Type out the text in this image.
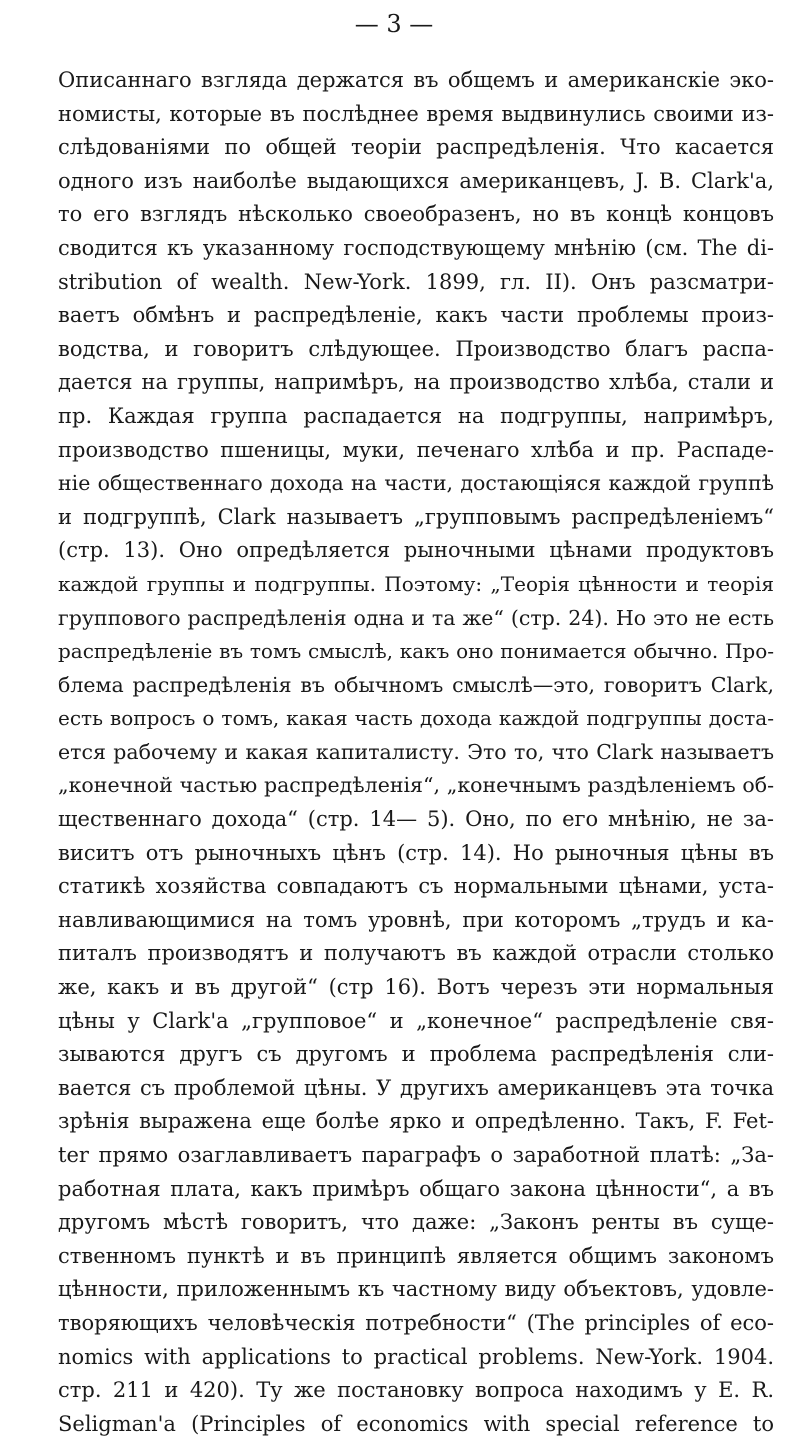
— 3 —
Описаннаго взгляда держатся въ общемъ и американскіе эко-
номисты, которые въ послѣднее время выдвинулись своими из-
слѣдованіями по общей теоріи распредѣленія. Что касается
одного изъ наиболѣе выдающихся американцевъ, J. B. Clark'a,
то его взглядъ нѣсколько своеобразенъ, но въ концѣ концовъ
сводится къ указанному господствующему мнѣнію (см. The di-
stribution of wealth. New-York. 1899, гл. II). Онъ разсматри-
ваетъ обмѣнъ и распредѣленіе, какъ части проблемы произ-
водства, и говоритъ слѣдующее. Производство благъ распа-
дается на группы, напримѣръ, на производство хлѣба, стали и
пр. Каждая группа распадается на подгруппы, напримѣръ,
производство пшеницы, муки, печенаго хлѣба и пр. Распаде-
ніе общественнаго дохода на части, достающіяся каждой группѣ
и подгруппѣ, Clark называетъ „групповымъ распредѣленіемъ“
(стр. 13). Оно опредѣляется рыночными цѣнами продуктовъ
каждой группы и подгруппы. Поэтому: „Теорія цѣнности и теорія
группового распредѣленія одна и та же“ (стр. 24). Но это не есть
распредѣленіе въ томъ смыслѣ, какъ оно понимается обычно. Про-
блема распредѣленія въ обычномъ смыслѣ—это, говоритъ Clark,
есть вопросъ о томъ, какая часть дохода каждой подгруппы доста-
ется рабочему и какая капиталисту. Это то, что Clark называетъ
„конечной частью распредѣленія“, „конечнымъ раздѣленіемъ об-
щественнаго дохода“ (стр. 14— 5). Оно, по его мнѣнію, не за-
виситъ отъ рыночныхъ цѣнъ (стр. 14). Но рыночныя цѣны въ
статикѣ хозяйства совпадаютъ съ нормальными цѣнами, уста-
навливающимися на томъ уровнѣ, при которомъ „трудъ и ка-
питалъ производятъ и получаютъ въ каждой отрасли столько
же, какъ и въ другой“ (стр 16). Вотъ черезъ эти нормальныя
цѣны у Clark'a „групповое“ и „конечное“ распредѣленіе свя-
зываются другъ съ другомъ и проблема распредѣленія сли-
вается съ проблемой цѣны. У другихъ американцевъ эта точка
зрѣнія выражена еще болѣе ярко и опредѣленно. Такъ, F. Fet-
ter прямо озаглавливаетъ параграфъ о заработной платѣ: „За-
работная плата, какъ примѣръ общаго закона цѣнности“, а въ
другомъ мѣстѣ говоритъ, что даже: „Законъ ренты въ суще-
ственномъ пунктѣ и въ принципѣ является общимъ закономъ
цѣнности, приложеннымъ къ частному виду объектовъ, удовле-
творяющихъ человѣческія потребности“ (The principles of eco-
nomics with applications to practical problems. New-York. 1904.
стр. 211 и 420). Ту же постановку вопроса находимъ у E. R.
Seligman'a (Principles of economics with special reference to
